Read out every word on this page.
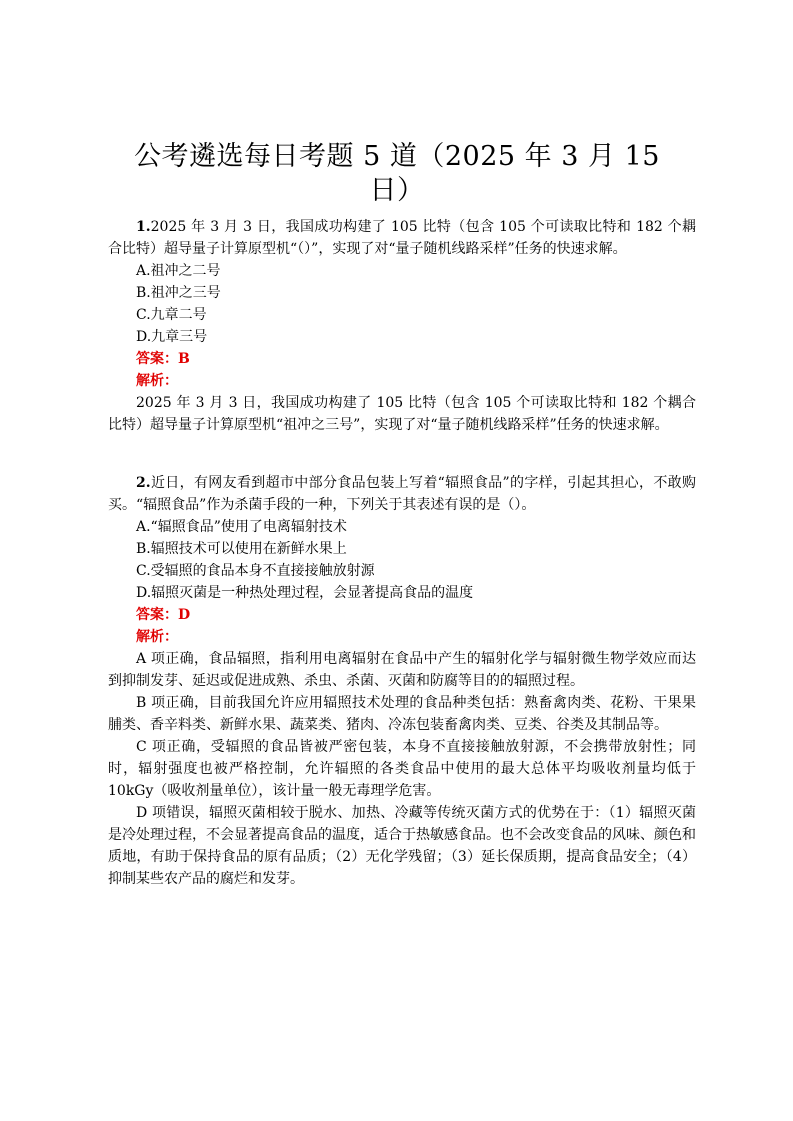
公考遴选每日考题 5 道（2025 年 3 月 15 日）

1.2025 年 3 月 3 日，我国成功构建了 105 比特（包含 105 个可读取比特和 182 个耦合比特）超导量子计算原型机“（）”，实现了对“量子随机线路采样”任务的快速求解。

A.祖冲之二号

B.祖冲之三号

C.九章二号

D.九章三号

答案：B

解析：

2025 年 3 月 3 日，我国成功构建了 105 比特（包含 105 个可读取比特和 182 个耦合比特）超导量子计算原型机“祖冲之三号”，实现了对“量子随机线路采样”任务的快速求解。

2.近日，有网友看到超市中部分食品包装上写着“辐照食品”的字样，引起其担心，不敢购买。“辐照食品”作为杀菌手段的一种，下列关于其表述有误的是（）。

A.“辐照食品”使用了电离辐射技术

B.辐照技术可以使用在新鲜水果上

C.受辐照的食品本身不直接接触放射源

D.辐照灭菌是一种热处理过程，会显著提高食品的温度

答案：D

解析：

A 项正确，食品辐照，指利用电离辐射在食品中产生的辐射化学与辐射微生物学效应而达到抑制发芽、延迟或促进成熟、杀虫、杀菌、灭菌和防腐等目的的辐照过程。

B 项正确，目前我国允许应用辐照技术处理的食品种类包括：熟畜禽肉类、花粉、干果果脯类、香辛料类、新鲜水果、蔬菜类、猪肉、冷冻包装畜禽肉类、豆类、谷类及其制品等。

C 项正确，受辐照的食品皆被严密包装，本身不直接接触放射源，不会携带放射性；同时，辐射强度也被严格控制，允许辐照的各类食品中使用的最大总体平均吸收剂量均低于 10kGy（吸收剂量单位），该计量一般无毒理学危害。

D 项错误，辐照灭菌相较于脱水、加热、冷藏等传统灭菌方式的优势在于：（1）辐照灭菌是冷处理过程，不会显著提高食品的温度，适合于热敏感食品。也不会改变食品的风味、颜色和质地，有助于保持食品的原有品质；（2）无化学残留；（3）延长保质期，提高食品安全；（4）抑制某些农产品的腐烂和发芽。
